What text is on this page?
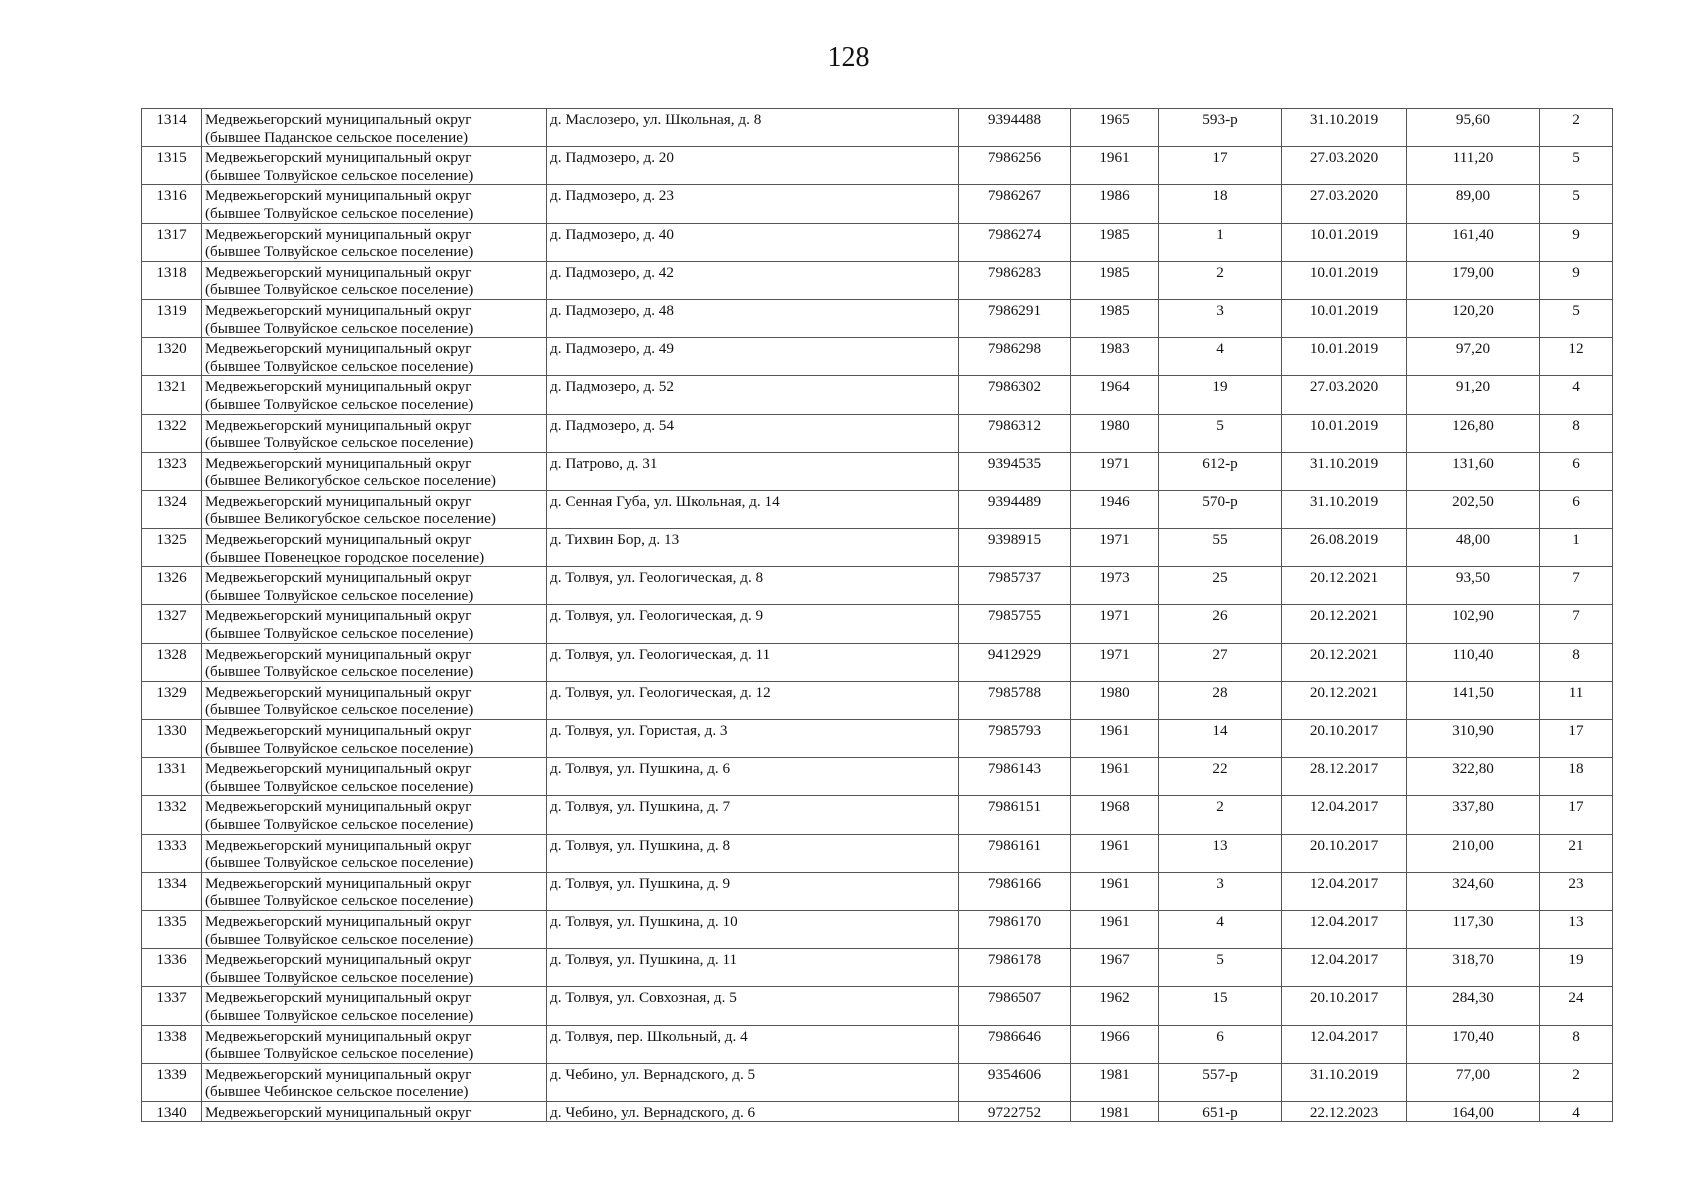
128
1314	Медвежьегорский муниципальный округ
(бывшее Паданское сельское поселение)	д. Маслозеро, ул. Школьная, д. 8	9394488	1965	593-р	31.10.2019	95,60	2

1315	Медвежьегорский муниципальный округ
(бывшее Толвуйское сельское поселение)	д. Падмозеро, д. 20	7986256	1961	17	27.03.2020	111,20	5

1316	Медвежьегорский муниципальный округ
(бывшее Толвуйское сельское поселение)	д. Падмозеро, д. 23	7986267	1986	18	27.03.2020	89,00	5

1317	Медвежьегорский муниципальный округ
(бывшее Толвуйское сельское поселение)	д. Падмозеро, д. 40	7986274	1985	1	10.01.2019	161,40	9

1318	Медвежьегорский муниципальный округ
(бывшее Толвуйское сельское поселение)	д. Падмозеро, д. 42	7986283	1985	2	10.01.2019	179,00	9

1319	Медвежьегорский муниципальный округ
(бывшее Толвуйское сельское поселение)	д. Падмозеро, д. 48	7986291	1985	3	10.01.2019	120,20	5

1320	Медвежьегорский муниципальный округ
(бывшее Толвуйское сельское поселение)	д. Падмозеро, д. 49	7986298	1983	4	10.01.2019	97,20	12

1321	Медвежьегорский муниципальный округ
(бывшее Толвуйское сельское поселение)	д. Падмозеро, д. 52	7986302	1964	19	27.03.2020	91,20	4

1322	Медвежьегорский муниципальный округ
(бывшее Толвуйское сельское поселение)	д. Падмозеро, д. 54	7986312	1980	5	10.01.2019	126,80	8

1323	Медвежьегорский муниципальный округ
(бывшее Великогубское сельское поселение)	д. Патрово, д. 31	9394535	1971	612-р	31.10.2019	131,60	6

1324	Медвежьегорский муниципальный округ
(бывшее Великогубское сельское поселение)	д. Сенная Губа, ул. Школьная, д. 14	9394489	1946	570-р	31.10.2019	202,50	6

1325	Медвежьегорский муниципальный округ
(бывшее Повенецкое городское поселение)	д. Тихвин Бор, д. 13	9398915	1971	55	26.08.2019	48,00	1

1326	Медвежьегорский муниципальный округ
(бывшее Толвуйское сельское поселение)	д. Толвуя, ул. Геологическая, д. 8	7985737	1973	25	20.12.2021	93,50	7

1327	Медвежьегорский муниципальный округ
(бывшее Толвуйское сельское поселение)	д. Толвуя, ул. Геологическая, д. 9	7985755	1971	26	20.12.2021	102,90	7

1328	Медвежьегорский муниципальный округ
(бывшее Толвуйское сельское поселение)	д. Толвуя, ул. Геологическая, д. 11	9412929	1971	27	20.12.2021	110,40	8

1329	Медвежьегорский муниципальный округ
(бывшее Толвуйское сельское поселение)	д. Толвуя, ул. Геологическая, д. 12	7985788	1980	28	20.12.2021	141,50	11

1330	Медвежьегорский муниципальный округ
(бывшее Толвуйское сельское поселение)	д. Толвуя, ул. Гористая, д. 3	7985793	1961	14	20.10.2017	310,90	17

1331	Медвежьегорский муниципальный округ
(бывшее Толвуйское сельское поселение)	д. Толвуя, ул. Пушкина, д. 6	7986143	1961	22	28.12.2017	322,80	18

1332	Медвежьегорский муниципальный округ
(бывшее Толвуйское сельское поселение)	д. Толвуя, ул. Пушкина, д. 7	7986151	1968	2	12.04.2017	337,80	17

1333	Медвежьегорский муниципальный округ
(бывшее Толвуйское сельское поселение)	д. Толвуя, ул. Пушкина, д. 8	7986161	1961	13	20.10.2017	210,00	21

1334	Медвежьегорский муниципальный округ
(бывшее Толвуйское сельское поселение)	д. Толвуя, ул. Пушкина, д. 9	7986166	1961	3	12.04.2017	324,60	23

1335	Медвежьегорский муниципальный округ
(бывшее Толвуйское сельское поселение)	д. Толвуя, ул. Пушкина, д. 10	7986170	1961	4	12.04.2017	117,30	13

1336	Медвежьегорский муниципальный округ
(бывшее Толвуйское сельское поселение)	д. Толвуя, ул. Пушкина, д. 11	7986178	1967	5	12.04.2017	318,70	19

1337	Медвежьегорский муниципальный округ
(бывшее Толвуйское сельское поселение)	д. Толвуя, ул. Совхозная, д. 5	7986507	1962	15	20.10.2017	284,30	24

1338	Медвежьегорский муниципальный округ
(бывшее Толвуйское сельское поселение)	д. Толвуя, пер. Школьный, д. 4	7986646	1966	6	12.04.2017	170,40	8

1339	Медвежьегорский муниципальный округ
(бывшее Чебинское сельское поселение)	д. Чебино, ул. Вернадского, д. 5	9354606	1981	557-р	31.10.2019	77,00	2

1340	Медвежьегорский муниципальный округ	д. Чебино, ул. Вернадского, д. 6	9722752	1981	651-р	22.12.2023	164,00	4
